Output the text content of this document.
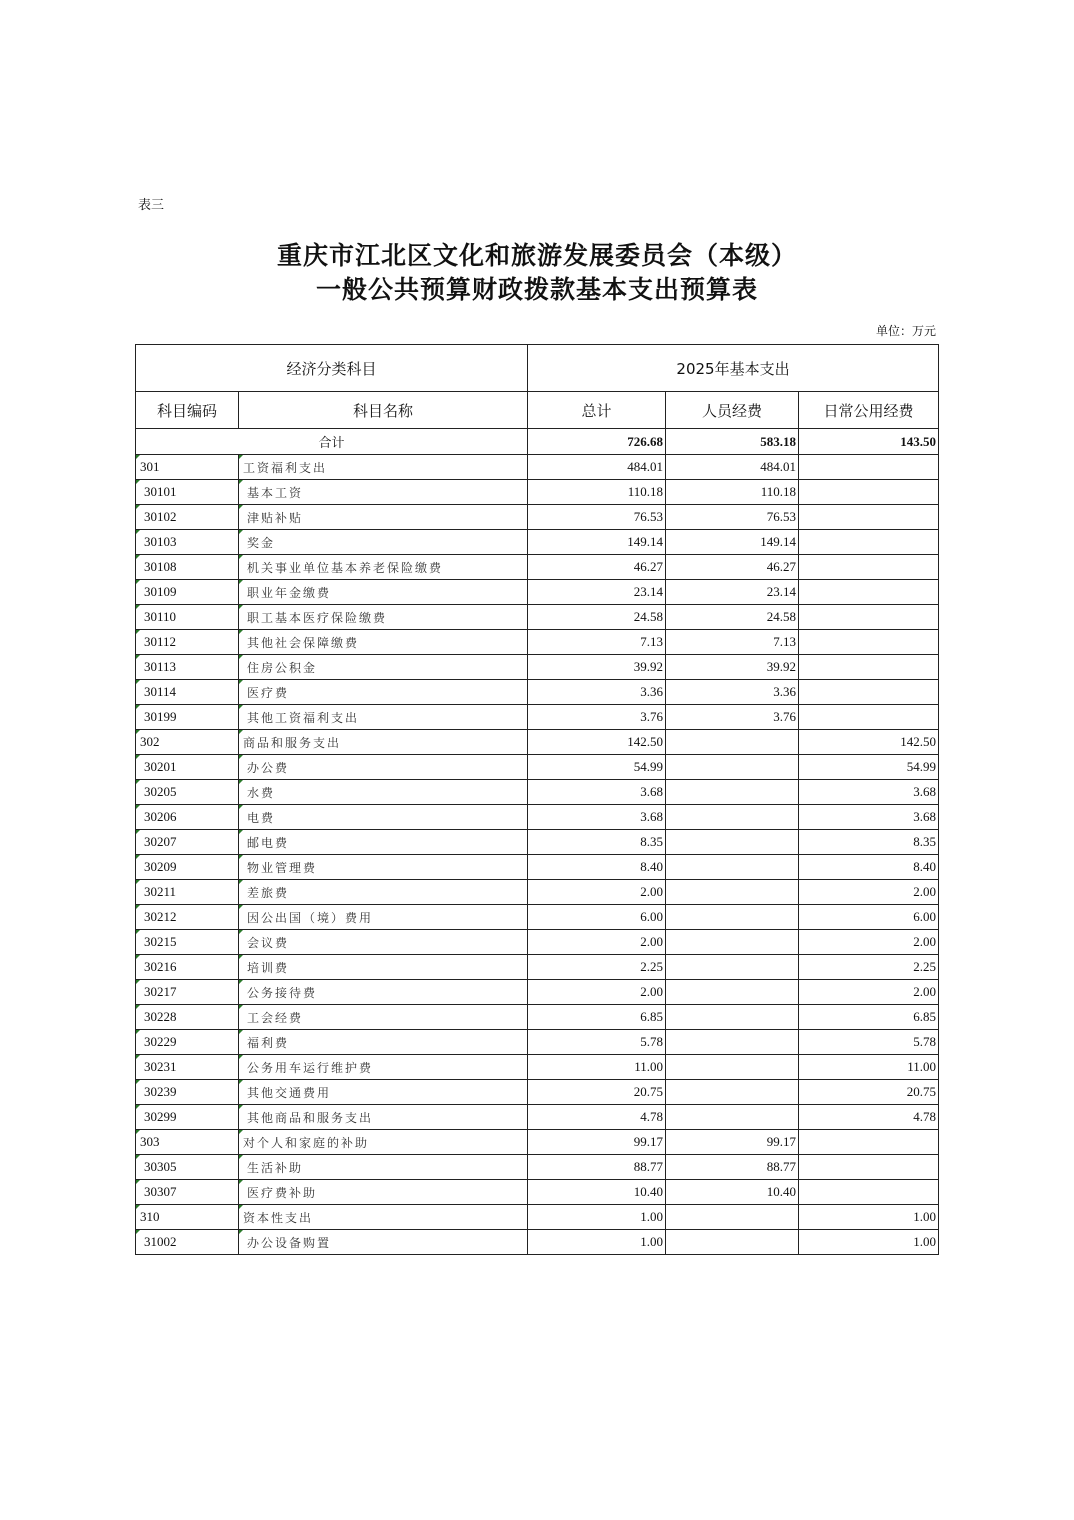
表三
重庆市江北区文化和旅游发展委员会（本级）
一般公共预算财政拨款基本支出预算表
单位：万元
经济分类科目		2025年基本支出		
科目编码	科目名称	总计	人员经费	日常公用经费
合计		726.68	583.18	143.50
301	工资福利支出	484.01	484.01	
30101	基本工资	110.18	110.18	
30102	津贴补贴	76.53	76.53	
30103	奖金	149.14	149.14	
30108	机关事业单位基本养老保险缴费	46.27	46.27	
30109	职业年金缴费	23.14	23.14	
30110	职工基本医疗保险缴费	24.58	24.58	
30112	其他社会保障缴费	7.13	7.13	
30113	住房公积金	39.92	39.92	
30114	医疗费	3.36	3.36	
30199	其他工资福利支出	3.76	3.76	
302	商品和服务支出	142.50		142.50
30201	办公费	54.99		54.99
30205	水费	3.68		3.68
30206	电费	3.68		3.68
30207	邮电费	8.35		8.35
30209	物业管理费	8.40		8.40
30211	差旅费	2.00		2.00
30212	因公出国（境）费用	6.00		6.00
30215	会议费	2.00		2.00
30216	培训费	2.25		2.25
30217	公务接待费	2.00		2.00
30228	工会经费	6.85		6.85
30229	福利费	5.78		5.78
30231	公务用车运行维护费	11.00		11.00
30239	其他交通费用	20.75		20.75
30299	其他商品和服务支出	4.78		4.78
303	对个人和家庭的补助	99.17	99.17	
30305	生活补助	88.77	88.77	
30307	医疗费补助	10.40	10.40	
310	资本性支出	1.00		1.00
31002	办公设备购置	1.00		1.00
